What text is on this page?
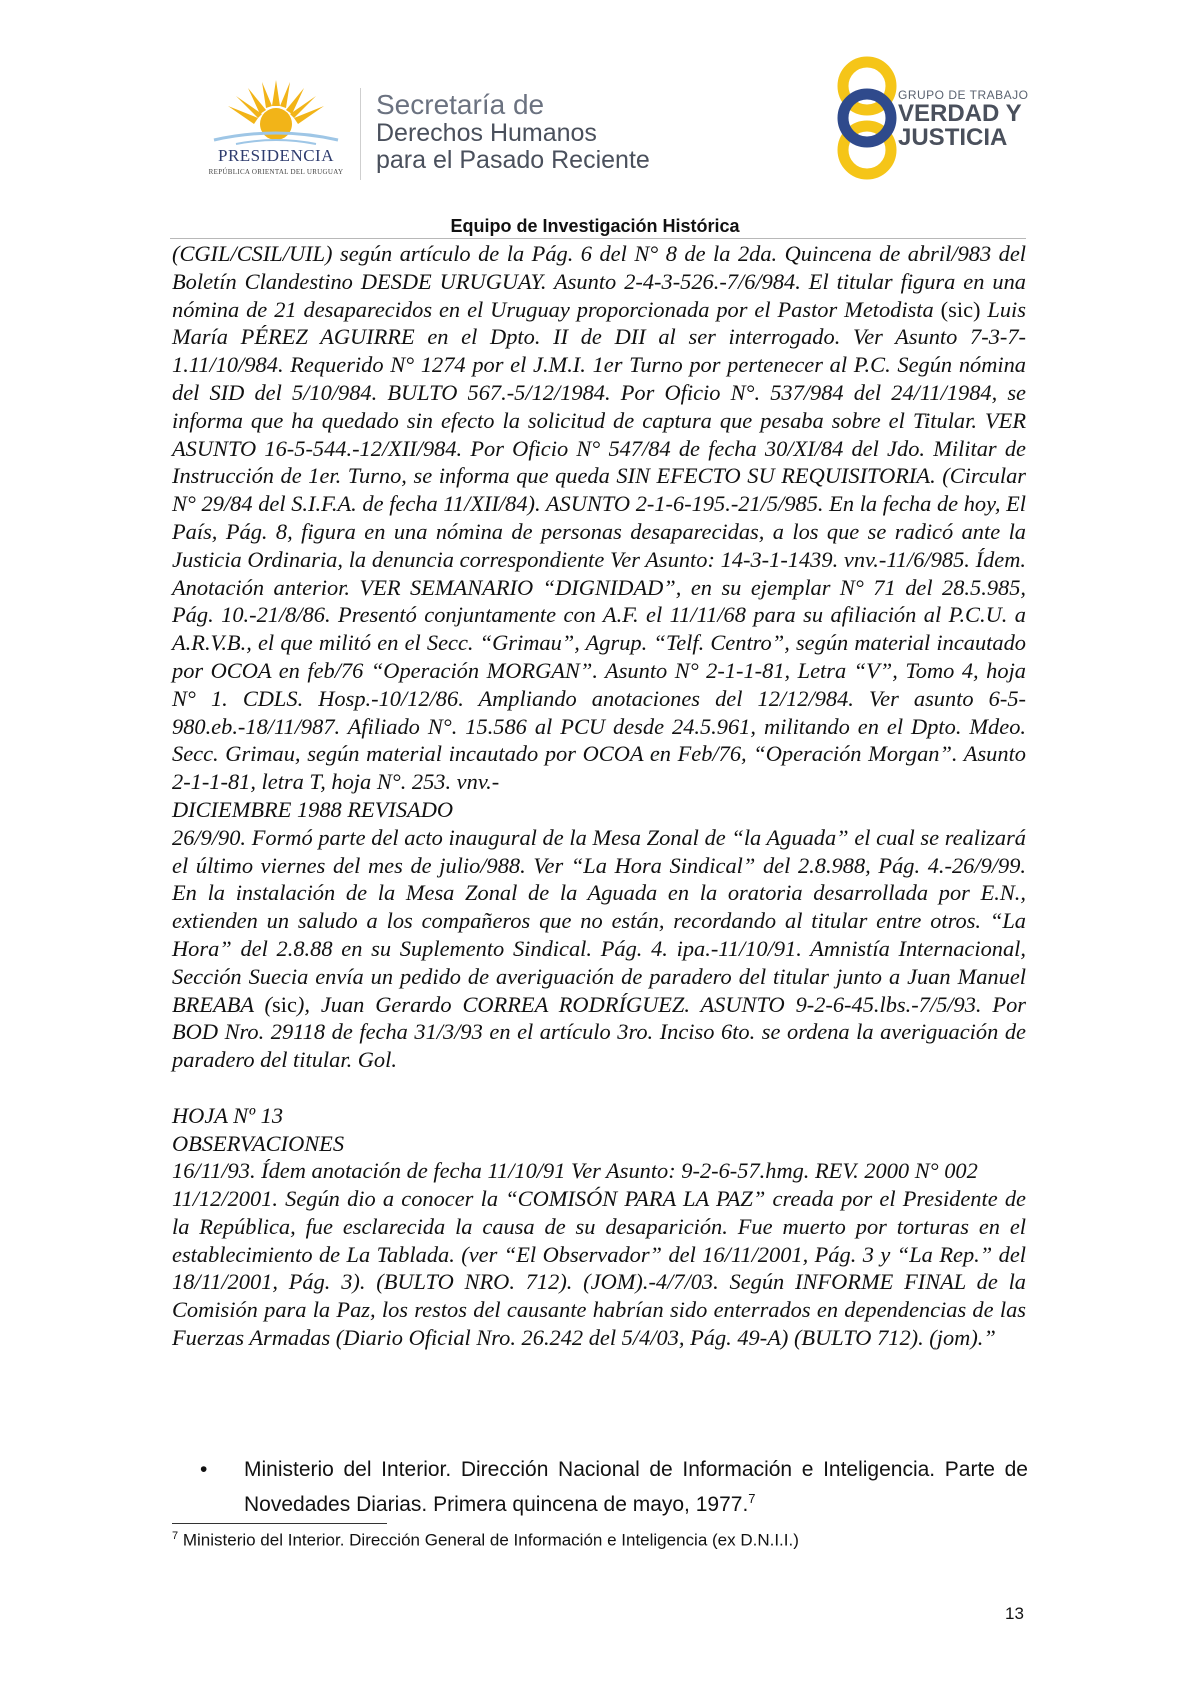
PRESIDENCIA
REPÚBLICA ORIENTAL DEL URUGUAY
Secretaría de
Derechos Humanos
para el Pasado Reciente
GRUPO DE TRABAJO
VERDAD Y
JUSTICIA
Equipo de Investigación Histórica

(CGIL/CSIL/UIL) según artículo de la Pág. 6 del N° 8 de la 2da. Quincena de abril/983 del Boletín Clandestino DESDE URUGUAY. Asunto 2-4-3-526.-7/6/984. El titular figura en una nómina de 21 desaparecidos en el Uruguay proporcionada por el Pastor Metodista (sic) Luis María PÉREZ AGUIRRE en el Dpto. II de DII al ser interrogado. Ver Asunto 7-3-7-1.11/10/984. Requerido N° 1274 por el J.M.I. 1er Turno por pertenecer al P.C. Según nómina del SID del 5/10/984. BULTO 567.-5/12/1984. Por Oficio N°. 537/984 del 24/11/1984, se informa que ha quedado sin efecto la solicitud de captura que pesaba sobre el Titular. VER ASUNTO 16-5-544.-12/XII/984. Por Oficio N° 547/84 de fecha 30/XI/84 del Jdo. Militar de Instrucción de 1er. Turno, se informa que queda SIN EFECTO SU REQUISITORIA. (Circular N° 29/84 del S.I.F.A. de fecha 11/XII/84). ASUNTO 2-1-6-195.-21/5/985. En la fecha de hoy, El País, Pág. 8, figura en una nómina de personas desaparecidas, a los que se radicó ante la Justicia Ordinaria, la denuncia correspondiente Ver Asunto: 14-3-1-1439. vnv.-11/6/985. Ídem. Anotación anterior. VER SEMANARIO “DIGNIDAD”, en su ejemplar N° 71 del 28.5.985, Pág. 10.-21/8/86. Presentó conjuntamente con A.F. el 11/11/68 para su afiliación al P.C.U. a A.R.V.B., el que militó en el Secc. “Grimau”, Agrup. “Telf. Centro”, según material incautado por OCOA en feb/76 “Operación MORGAN”. Asunto N° 2-1-1-81, Letra “V”, Tomo 4, hoja N° 1. CDLS. Hosp.-10/12/86. Ampliando anotaciones del 12/12/984. Ver asunto 6-5-980.eb.-18/11/987. Afiliado N°. 15.586 al PCU desde 24.5.961, militando en el Dpto. Mdeo. Secc. Grimau, según material incautado por OCOA en Feb/76, “Operación Morgan”. Asunto 2-1-1-81, letra T, hoja N°. 253. vnv.-

DICIEMBRE 1988 REVISADO

26/9/90. Formó parte del acto inaugural de la Mesa Zonal de “la Aguada” el cual se realizará el último viernes del mes de julio/988. Ver “La Hora Sindical” del 2.8.988, Pág. 4.-26/9/99. En la instalación de la Mesa Zonal de la Aguada en la oratoria desarrollada por E.N., extienden un saludo a los compañeros que no están, recordando al titular entre otros. “La Hora” del 2.8.88 en su Suplemento Sindical. Pág. 4. ipa.-11/10/91. Amnistía Internacional, Sección Suecia envía un pedido de averiguación de paradero del titular junto a Juan Manuel BREABA (sic), Juan Gerardo CORREA RODRÍGUEZ. ASUNTO 9-2-6-45.lbs.-7/5/93. Por BOD Nro. 29118 de fecha 31/3/93 en el artículo 3ro. Inciso 6to. se ordena la averiguación de paradero del titular. Gol.

HOJA Nº 13

OBSERVACIONES

16/11/93. Ídem anotación de fecha 11/10/91 Ver Asunto: 9-2-6-57.hmg. REV. 2000 N° 002

11/12/2001. Según dio a conocer la “COMISÓN PARA LA PAZ” creada por el Presidente de la República, fue esclarecida la causa de su desaparición. Fue muerto por torturas en el establecimiento de La Tablada. (ver “El Observador” del 16/11/2001, Pág. 3 y “La Rep.” del 18/11/2001, Pág. 3). (BULTO NRO. 712). (JOM).-4/7/03. Según INFORME FINAL de la Comisión para la Paz, los restos del causante habrían sido enterrados en dependencias de las Fuerzas Armadas (Diario Oficial Nro. 26.242 del 5/4/03, Pág. 49-A) (BULTO 712). (jom).”

• Ministerio del Interior. Dirección Nacional de Información e Inteligencia. Parte de Novedades Diarias. Primera quincena de mayo, 1977.$^7$
$^7$ Ministerio del Interior. Dirección General de Información e Inteligencia (ex D.N.I.I.)
13
